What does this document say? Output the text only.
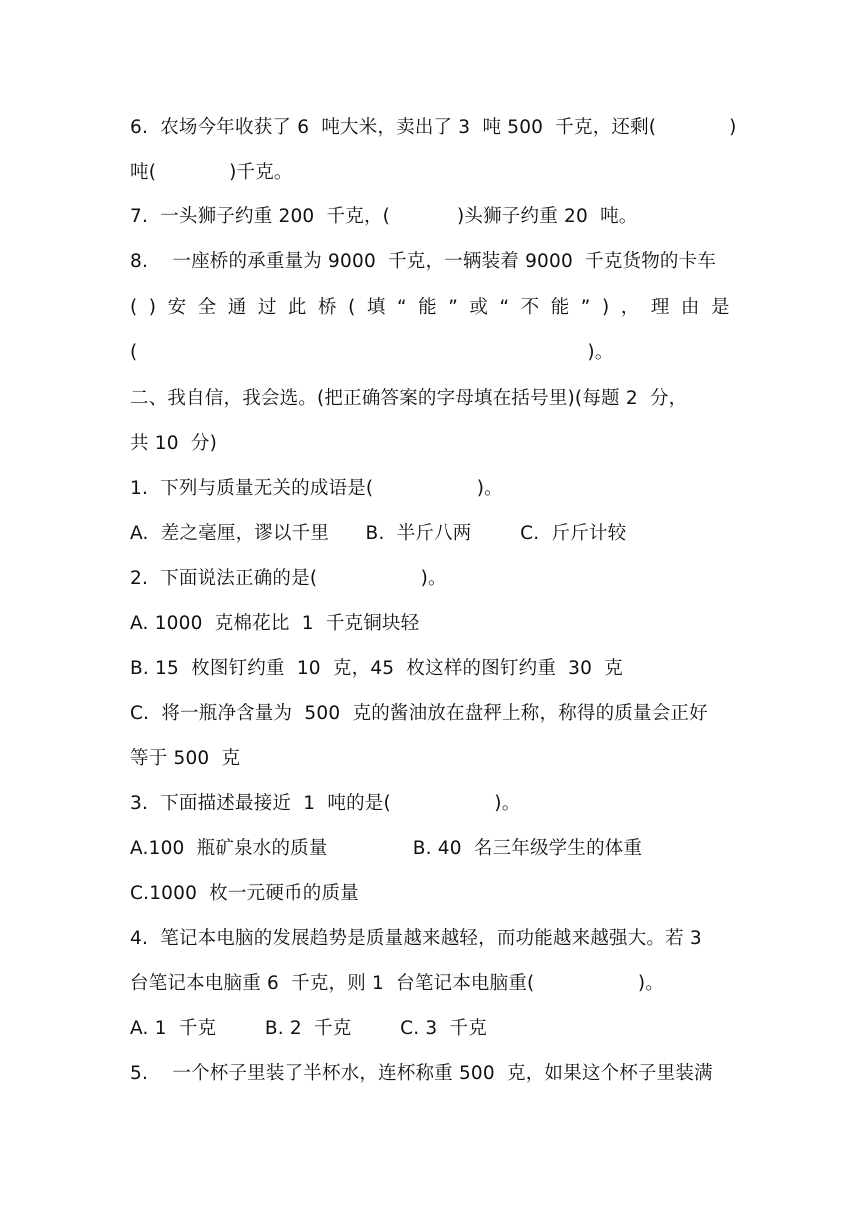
6.  农场今年收获了 6  吨大米，卖出了 3  吨 500  千克，还剩(            )
吨(            )千克。
7.  一头狮子约重 200  千克，(           )头狮子约重 20  吨。
8.    一座桥的承重量为 9000  千克，一辆装着 9000  千克货物的卡车
( ) 安 全 通 过 此 桥 ( 填 “ 能 ” 或 “ 不 能 ” ) ， 理 由 是
(                                                                          )。
二、我自信，我会选。(把正确答案的字母填在括号里)(每题 2  分，
共 10  分)
1.  下列与质量无关的成语是(                 )。
A.  差之毫厘，谬以千里      B.  半斤八两        C.  斤斤计较
2.  下面说法正确的是(                 )。
A. 1000  克棉花比  1  千克铜块轻
B. 15  枚图钉约重  10  克，45  枚这样的图钉约重  30  克
C.  将一瓶净含量为  500  克的酱油放在盘秤上称，称得的质量会正好
等于 500  克
3.  下面描述最接近  1  吨的是(                 )。
A.100  瓶矿泉水的质量              B. 40  名三年级学生的体重
C.1000  枚一元硬币的质量
4.  笔记本电脑的发展趋势是质量越来越轻，而功能越来越强大。若 3
台笔记本电脑重 6  千克，则 1  台笔记本电脑重(                 )。
A. 1  千克        B. 2  千克        C. 3  千克
5.    一个杯子里装了半杯水，连杯称重 500  克，如果这个杯子里装满
